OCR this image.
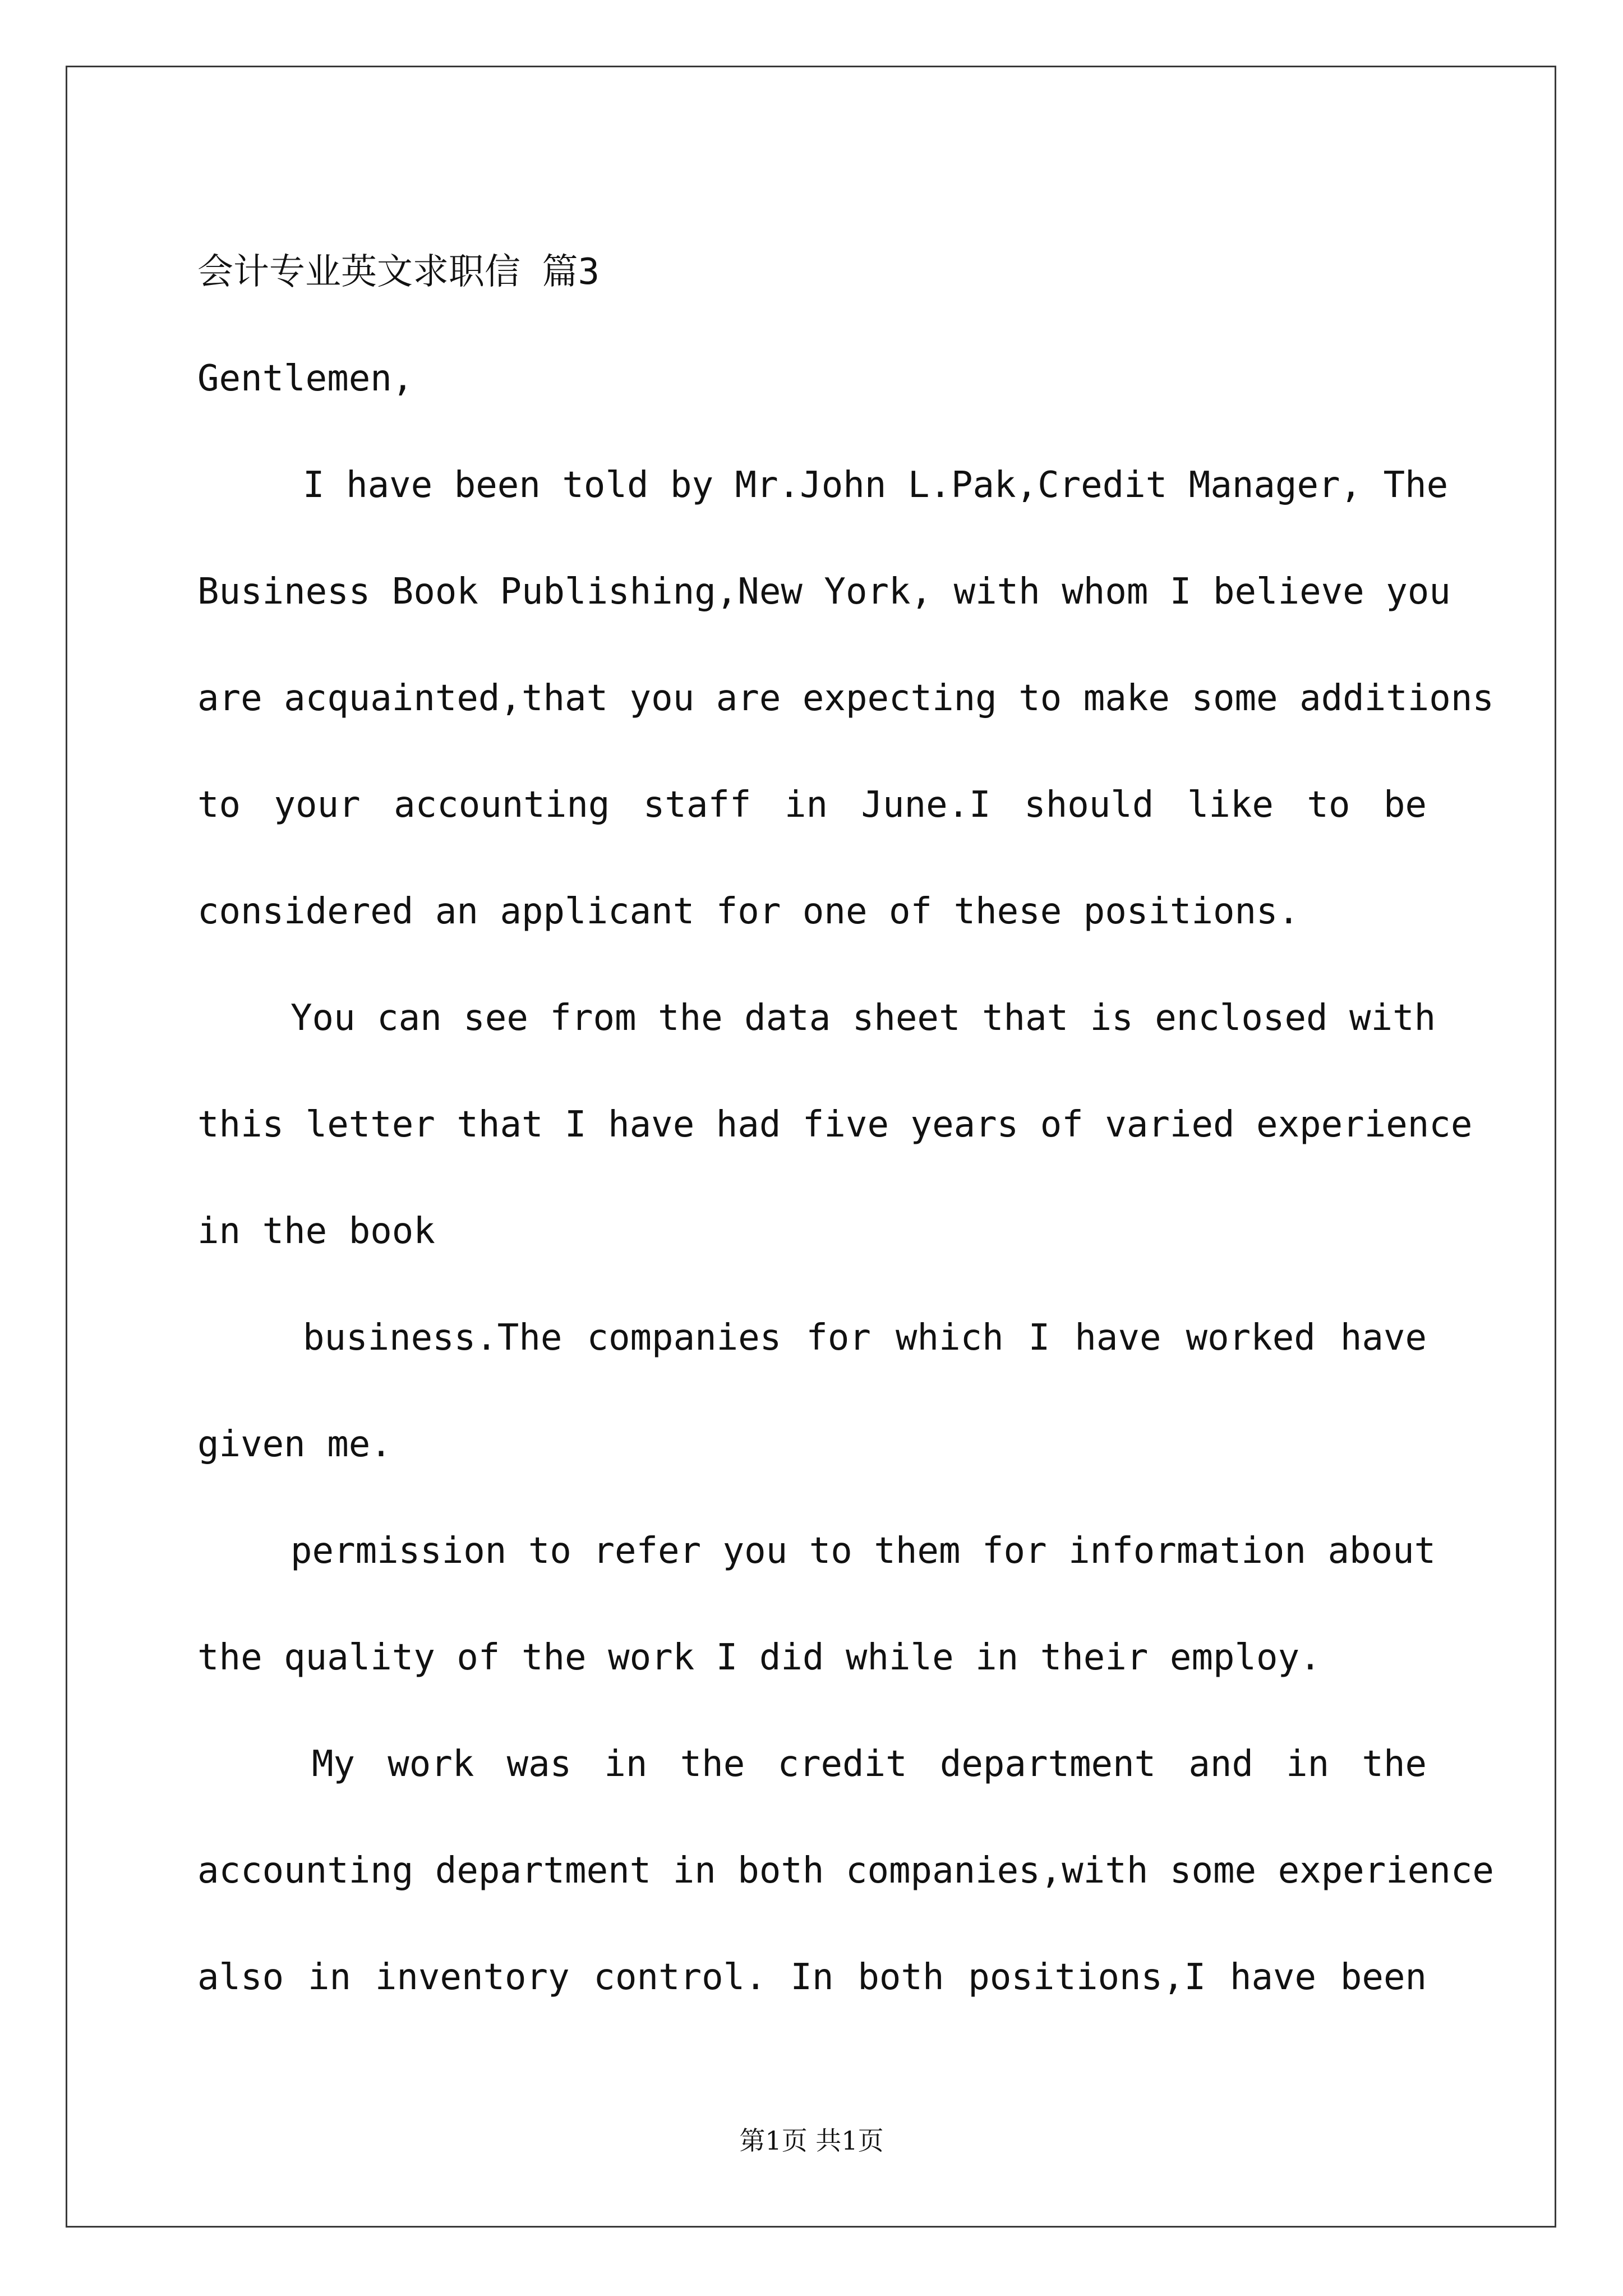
会计专业英文求职信 篇3

Gentlemen,

I have been told by Mr.John L.Pak,Credit Manager, The

Business Book Publishing,New York, with whom I believe you

are acquainted,that you are expecting to make some additions

to your accounting staff in June.I should like to be

considered an applicant for one of these positions.

You can see from the data sheet that is enclosed with

this letter that I have had five years of varied experience

in the book

business.The companies for which I have worked have

given me.

permission to refer you to them for information about

the quality of the work I did while in their employ.

My work was in the credit department and in the

accounting department in both companies,with some experience

also in inventory control. In both positions,I have been

第1页 共1页
